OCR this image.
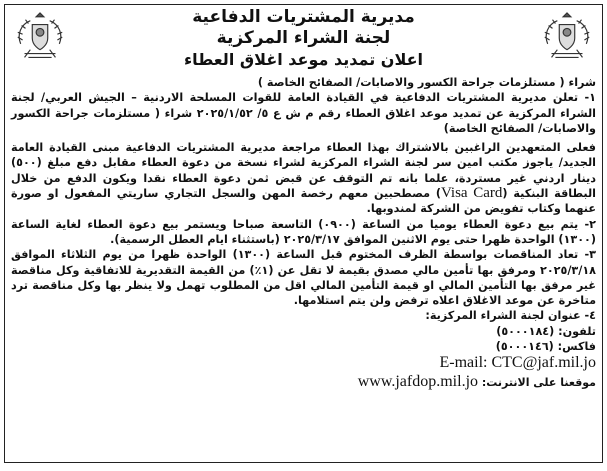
مديرية المشتريات الدفاعية

لجنة الشراء المركزية

اعلان تمديد موعد اغلاق العطاء

شراء ( مستلزمات جراحة الكسور والاصابات/ الصفائح الخاصة )

١- تعلن مديرية المشتريات الدفاعية في القيادة العامة للقوات المسلحة الاردنية – الجيش العربي/ لجنة الشراء المركزية عن تمديد موعد اغلاق العطاء رقم م ش ع ٥/ ٢٠٢٥/١/٥٢ شراء ( مستلزمات جراحة الكسور والاصابات/ الصفائح الخاصة)

فعلى المتعهدين الراغبين بالاشتراك بهذا العطاء مراجعة مديرية المشتريات الدفاعية مبنى القيادة العامة الجديد/ ياجوز مكتب امين سر لجنة الشراء المركزية لشراء نسخة من دعوة العطاء مقابل دفع مبلغ (٥٠٠) دينار اردني غير مستردة، علما بانه تم التوقف عن قبض ثمن دعوة العطاء نقدا ويكون الدفع من خلال البطاقة البنكية (Visa Card) مصطحبين معهم رخصة المهن والسجل التجاري ساريتي المفعول او صورة عنهما وكتاب تفويض من الشركة لمندوبها.

٢- يتم بيع دعوة العطاء يوميا من الساعة (٠٩٠٠) التاسعة صباحا ويستمر بيع دعوة العطاء لغاية الساعة (١٣٠٠) الواحدة ظهرا حتى يوم الاثنين الموافق ٢٠٢٥/٣/١٧ (باستثناء ايام العطل الرسمية).

٣- تعاد المناقصات بواسطة الظرف المختوم قبل الساعة (١٣٠٠) الواحدة ظهرا من يوم الثلاثاء الموافق ٢٠٢٥/٣/١٨ ومرفق بها تأمين مالي مصدق بقيمة لا تقل عن (١٪) من القيمة التقديرية للاتفاقية وكل مناقصة غير مرفق بها التأمين المالي او قيمة التأمين المالي اقل من المطلوب تهمل ولا ينظر بها وكل مناقصة ترد متاخرة عن موعد الاغلاق اعلاه ترفض ولن يتم استلامها.

٤- عنوان لجنة الشراء المركزية:

تلفون: (٥٠٠٠١٨٤)

فاكس: (٥٠٠٠١٤٦)

E-mail: CTC@jaf.mil.jo

موقعنا على الانترنت: www.jafdop.mil.jo
